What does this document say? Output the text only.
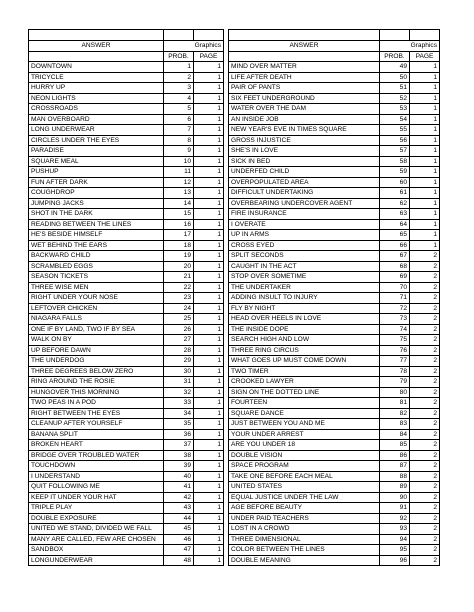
ANSWER	Graphics			ANSWER	Graphics	
	PROB.	PAGE			PROB.	PAGE
DOWNTOWN	1	1		MIND OVER MATTER	49	1
TRICYCLE	2	1		LIFE AFTER DEATH	50	1
HURRY UP	3	1		PAIR OF PANTS	51	1
NEON LIGHTS	4	1		SIX FEET UNDERGROUND	52	1
CROSSROADS	5	1		WATER OVER THE DAM	53	1
MAN OVERBOARD	6	1		AN INSIDE JOB	54	1
LONG UNDERWEAR	7	1		NEW YEAR'S EVE IN TIMES SQUARE	55	1
CIRCLES UNDER THE EYES	8	1		GROSS INJUSTICE	56	1
PARADISE	9	1		SHE'S IN LOVE	57	1
SQUARE MEAL	10	1		SICK IN BED	58	1
PUSHUP	11	1		UNDERFED CHILD	59	1
FUN AFTER DARK	12	1		OVERPOPULATED AREA	60	1
COUGHDROP	13	1		DIFFICULT UNDERTAKING	61	1
JUMPING JACKS	14	1		OVERBEARING UNDERCOVER AGENT	62	1
SHOT IN THE DARK	15	1		FIRE INSURANCE	63	1
READING BETWEEN THE LINES	16	1		I OVERATE	64	1
HE'S BESIDE HIMSELF	17	1		UP IN ARMS	65	1
WET BEHIND THE EARS	18	1		CROSS EYED	66	1
BACKWARD CHILD	19	1		SPLIT SECONDS	67	2
SCRAMBLED EGGS	20	1		CAUGHT IN THE ACT	68	2
SEASON TICKETS	21	1		STOP OVER SOMETIME	69	2
THREE WISE MEN	22	1		THE UNDERTAKER	70	2
RIGHT UNDER YOUR NOSE	23	1		ADDING INSULT TO INJURY	71	2
LEFTOVER CHICKEN	24	1		FLY BY NIGHT	72	2
NIAGARA FALLS	25	1		HEAD OVER HEELS IN LOVE	73	2
ONE IF BY LAND, TWO IF BY SEA	26	1		THE INSIDE DOPE	74	2
WALK ON BY	27	1		SEARCH HIGH AND LOW	75	2
UP BEFORE DAWN	28	1		THREE RING CIRCUS	76	2
THE UNDERDOG	29	1		WHAT GOES UP MUST COME DOWN	77	2
THREE DEGREES BELOW ZERO	30	1		TWO TIMER	78	2
RING AROUND THE ROSIE	31	1		CROOKED LAWYER	79	2
HUNGOVER THIS MORNING	32	1		SIGN ON THE DOTTED LINE	80	2
TWO PEAS IN A POD	33	1		FOURTEEN	81	2
RIGHT BETWEEN THE EYES	34	1		SQUARE DANCE	82	2
CLEANUP AFTER YOURSELF	35	1		JUST BETWEEN YOU AND ME	83	2
BANANA SPLIT	36	1		YOUR UNDER ARREST	84	2
BROKEN HEART	37	1		ARE YOU UNDER 18	85	2
BRIDGE OVER TROUBLED WATER	38	1		DOUBLE VISION	86	2
TOUCHDOWN	39	1		SPACE PROGRAM	87	2
I UNDERSTAND	40	1		TAKE ONE BEFORE EACH MEAL	88	2
QUIT FOLLOWING ME	41	1		UNITED STATES	89	2
KEEP IT UNDER YOUR HAT	42	1		EQUAL JUSTICE UNDER THE LAW	90	2
TRIPLE PLAY	43	1		AGE BEFORE BEAUTY	91	2
DOUBLE EXPOSURE	44	1		UNDER PAID TEACHERS	92	2
UNITED WE STAND, DIVIDED WE FALL	45	1		LOST IN A CROWD	93	2
MANY ARE CALLED, FEW ARE CHOSEN	46	1		THREE DIMENSIONAL	94	2
SANDBOX	47	1		COLOR BETWEEN THE LINES	95	2
LONGUNDERWEAR	48	1		DOUBLE MEANING	96	2
